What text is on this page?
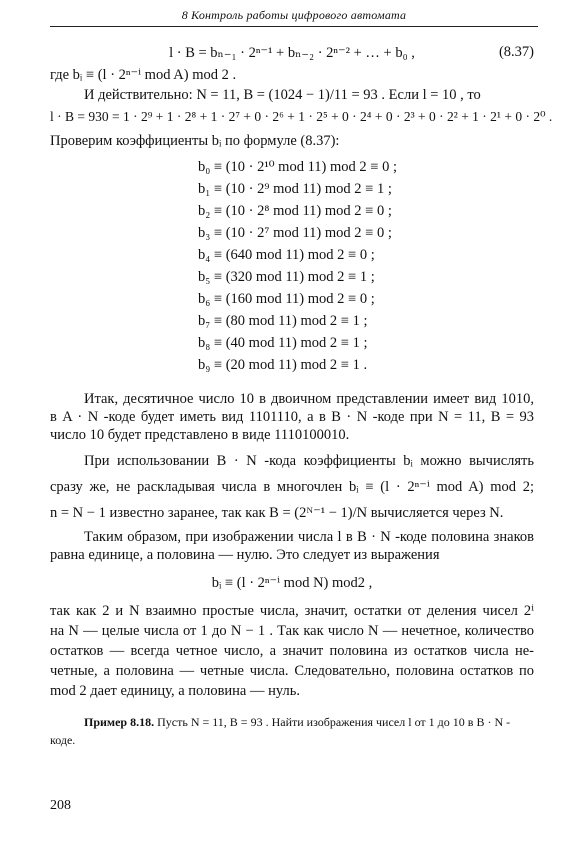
8 Контроль работы цифрового автомата
l · B = bₙ₋₁ · 2ⁿ⁻¹ + bₙ₋₂ · 2ⁿ⁻² + … + b₀ ,	(8.37)
где bᵢ ≡ (l · 2ⁿ⁻ⁱ mod A) mod 2 .
И действительно: N = 11, B = (1024 − 1)/11 = 93 . Если l = 10 , то
l · B = 930 = 1 · 2⁹ + 1 · 2⁸ + 1 · 2⁷ + 0 · 2⁶ + 1 · 2⁵ + 0 · 2⁴ + 0 · 2³ + 0 · 2² + 1 · 2¹ + 0 · 2⁰ .
Проверим коэффициенты bᵢ по формуле (8.37):
b₀ ≡ (10 · 2¹⁰ mod 11) mod 2 ≡ 0 ;
b₁ ≡ (10 · 2⁹ mod 11) mod 2 ≡ 1 ;
b₂ ≡ (10 · 2⁸ mod 11) mod 2 ≡ 0 ;
b₃ ≡ (10 · 2⁷ mod 11) mod 2 ≡ 0 ;
b₄ ≡ (640 mod 11) mod 2 ≡ 0 ;
b₅ ≡ (320 mod 11) mod 2 ≡ 1 ;
b₆ ≡ (160 mod 11) mod 2 ≡ 0 ;
b₇ ≡ (80 mod 11) mod 2 ≡ 1 ;
b₈ ≡ (40 mod 11) mod 2 ≡ 1 ;
b₉ ≡ (20 mod 11) mod 2 ≡ 1 .
Итак, десятичное число 10 в двоичном представлении имеет вид 1010,
в A · N -коде будет иметь вид 1101110, а в B · N -коде при N = 11, B = 93
число 10 будет представлено в виде 1110100010.
При использовании B · N -кода коэффициенты bᵢ можно вычислять
сразу же, не раскладывая числа в многочлен bᵢ ≡ (l · 2ⁿ⁻ⁱ mod A) mod 2;
n = N − 1 известно заранее, так как B = (2ᴺ⁻¹ − 1)/N вычисляется через N.
Таким образом, при изображении числа l в B · N -коде половина знаков
равна единице, а половина — нулю. Это следует из выражения
bᵢ ≡ (l · 2ⁿ⁻ⁱ mod N) mod2 ,
так как 2 и N взаимно простые числа, значит, остатки от деления чисел 2ⁱ
на N — целые числа от 1 до N − 1 . Так как число N — нечетное, количество
остатков — всегда четное число, а значит половина из остатков числа не-
четные, а половина — четные числа. Следовательно, половина остатков по
mod 2 дает единицу, а половина — нуль.
Пример 8.18. Пусть N = 11, B = 93 . Найти изображения чисел l от 1 до 10 в B · N -
коде.
208
